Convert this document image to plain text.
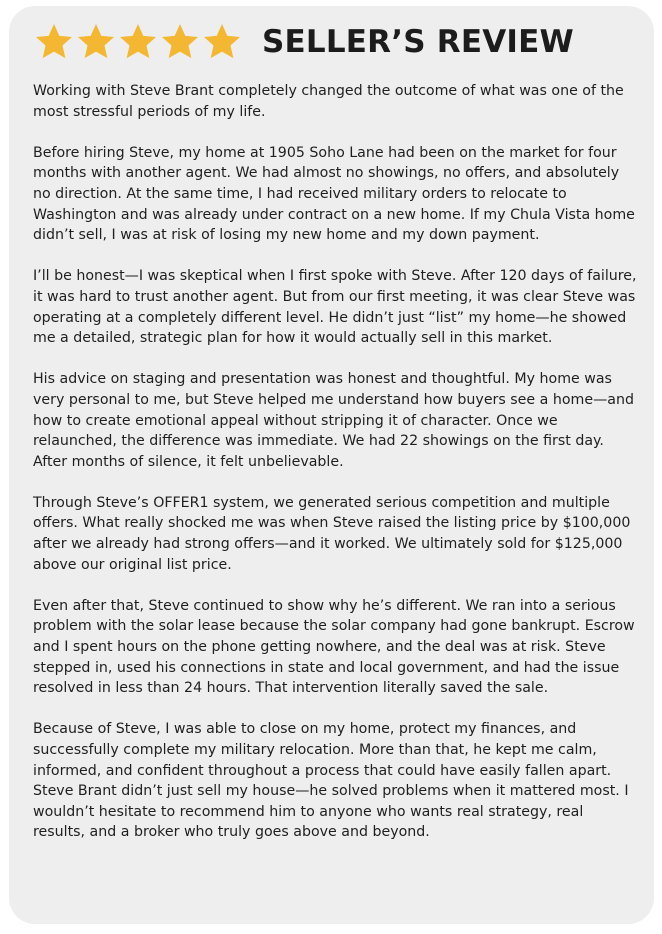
SELLER’S REVIEW

Working with Steve Brant completely changed the outcome of what was one of the most stressful periods of my life.

Before hiring Steve, my home at 1905 Soho Lane had been on the market for four months with another agent. We had almost no showings, no offers, and absolutely no direction. At the same time, I had received military orders to relocate to Washington and was already under contract on a new home. If my Chula Vista home didn’t sell, I was at risk of losing my new home and my down payment.

I’ll be honest—I was skeptical when I first spoke with Steve. After 120 days of failure, it was hard to trust another agent. But from our first meeting, it was clear Steve was operating at a completely different level. He didn’t just “list” my home—he showed me a detailed, strategic plan for how it would actually sell in this market.

His advice on staging and presentation was honest and thoughtful. My home was very personal to me, but Steve helped me understand how buyers see a home—and how to create emotional appeal without stripping it of character. Once we relaunched, the difference was immediate. We had 22 showings on the first day. After months of silence, it felt unbelievable.

Through Steve’s OFFER1 system, we generated serious competition and multiple offers. What really shocked me was when Steve raised the listing price by $100,000 after we already had strong offers—and it worked. We ultimately sold for $125,000 above our original list price.

Even after that, Steve continued to show why he’s different. We ran into a serious problem with the solar lease because the solar company had gone bankrupt. Escrow and I spent hours on the phone getting nowhere, and the deal was at risk. Steve stepped in, used his connections in state and local government, and had the issue resolved in less than 24 hours. That intervention literally saved the sale.

Because of Steve, I was able to close on my home, protect my finances, and successfully complete my military relocation. More than that, he kept me calm, informed, and confident throughout a process that could have easily fallen apart. Steve Brant didn’t just sell my house—he solved problems when it mattered most. I wouldn’t hesitate to recommend him to anyone who wants real strategy, real results, and a broker who truly goes above and beyond.
